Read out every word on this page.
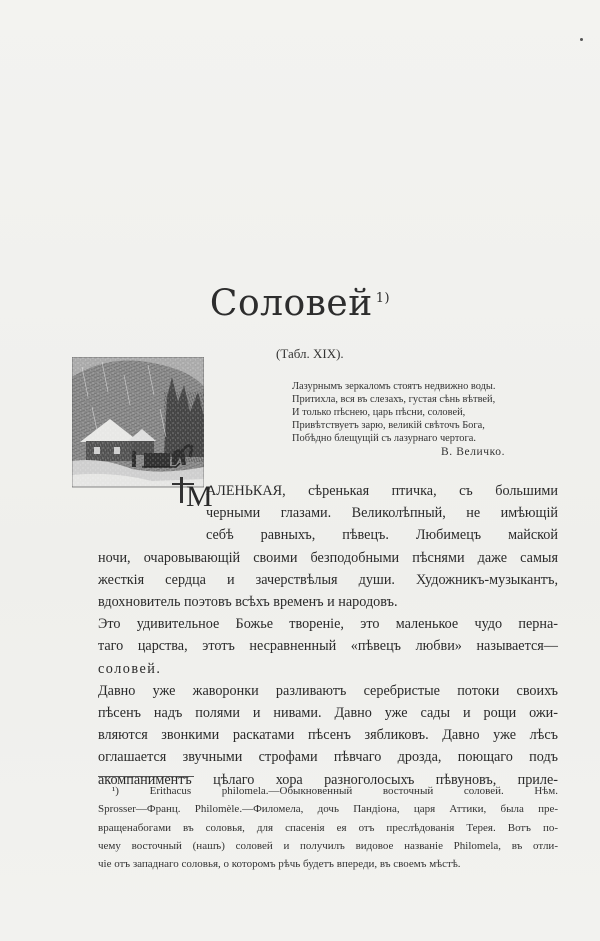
Соловей $^{1)}$
(Табл. XIX).
Лазурнымъ зеркаломъ стоятъ недвижно воды.
Притихла, вся въ слезахъ, густая сѣнь вѣтвей,
И только пѣснею, царь пѣсни, соловей,
Привѣтствуетъ зарю, великій свѣточъ Бога,
Побѣдно блещущій съ лазурнаго чертога.
В. Величко.
М
АЛЕНЬКАЯ, сѣренькая птичка, съ большими
черными глазами. Великолѣпный, не имѣющій
себѣ равныхъ, пѣвецъ. Любимецъ майской
ночи, очаровывающій своими безподобными пѣснями даже самыя
жесткія сердца и зачерствѣлыя души. Художникъ-музыкантъ,
вдохновитель поэтовъ всѣхъ временъ и народовъ.
Это удивительное Божье твореніе, это маленькое чудо перна-
таго царства, этотъ несравненный «пѣвецъ любви» называется—
соловей.
Давно уже жаворонки разливаютъ серебристые потоки своихъ
пѣсенъ надъ полями и нивами. Давно уже сады и рощи ожи-
вляются звонкими раскатами пѣсенъ зябликовъ. Давно уже лѣсъ
оглашается звучными строфами пѣвчаго дрозда, поющаго подъ
акомпаниментъ цѣлаго хора разноголосыхъ пѣвуновъ, приле-
¹) Erithacus philomela.—Обыкновенный восточный соловей. Нѣм.
Sprosser—Франц. Philomèle.—Филомела, дочь Пандіона, царя Аттики, была пре-
вращенабогами въ соловья, для спасенія ея отъ преслѣдованія Терея. Вотъ по-
чему восточный (нашъ) соловей и получилъ видовое названіе Philomela, въ отли-
чіе отъ западнаго соловья, о которомъ рѣчь будетъ впереди, въ своемъ мѣстѣ.
